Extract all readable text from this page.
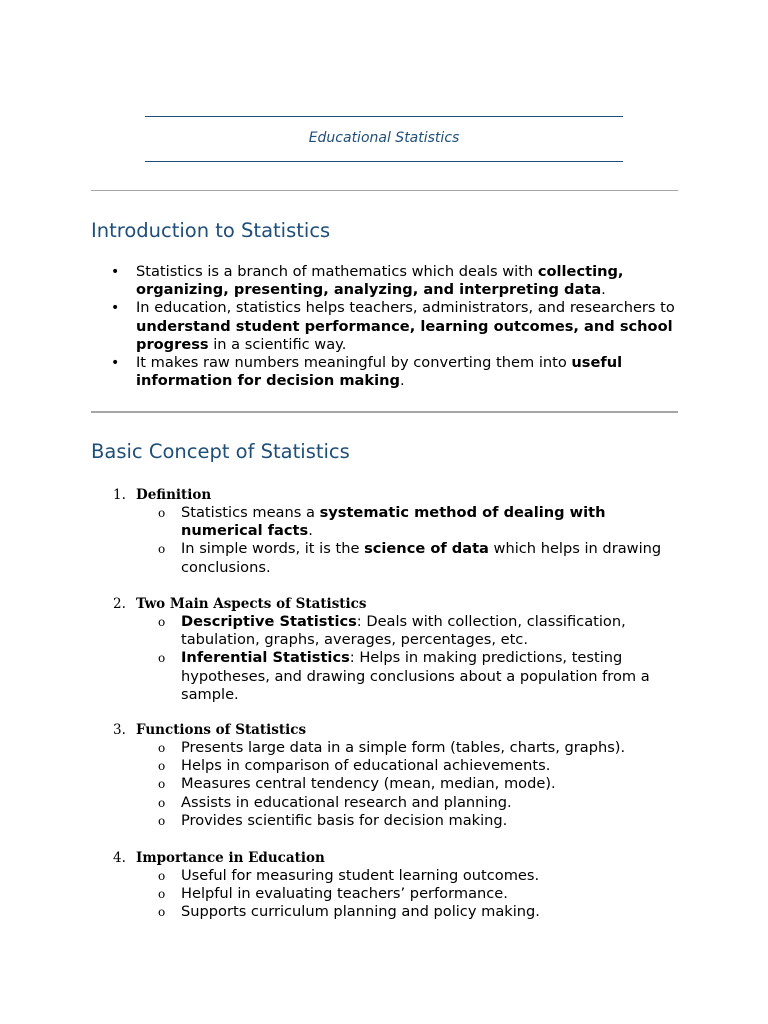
Educational Statistics
Introduction to Statistics
• Statistics is a branch of mathematics which deals with collecting, organizing, presenting, analyzing, and interpreting data.
• In education, statistics helps teachers, administrators, and researchers to understand student performance, learning outcomes, and school progress in a scientific way.
• It makes raw numbers meaningful by converting them into useful information for decision making.
Basic Concept of Statistics
1. Definition
o Statistics means a systematic method of dealing with numerical facts.
o In simple words, it is the science of data which helps in drawing conclusions.
2. Two Main Aspects of Statistics
o Descriptive Statistics: Deals with collection, classification, tabulation, graphs, averages, percentages, etc.
o Inferential Statistics: Helps in making predictions, testing hypotheses, and drawing conclusions about a population from a sample.
3. Functions of Statistics
o Presents large data in a simple form (tables, charts, graphs).
o Helps in comparison of educational achievements.
o Measures central tendency (mean, median, mode).
o Assists in educational research and planning.
o Provides scientific basis for decision making.
4. Importance in Education
o Useful for measuring student learning outcomes.
o Helpful in evaluating teachers’ performance.
o Supports curriculum planning and policy making.
